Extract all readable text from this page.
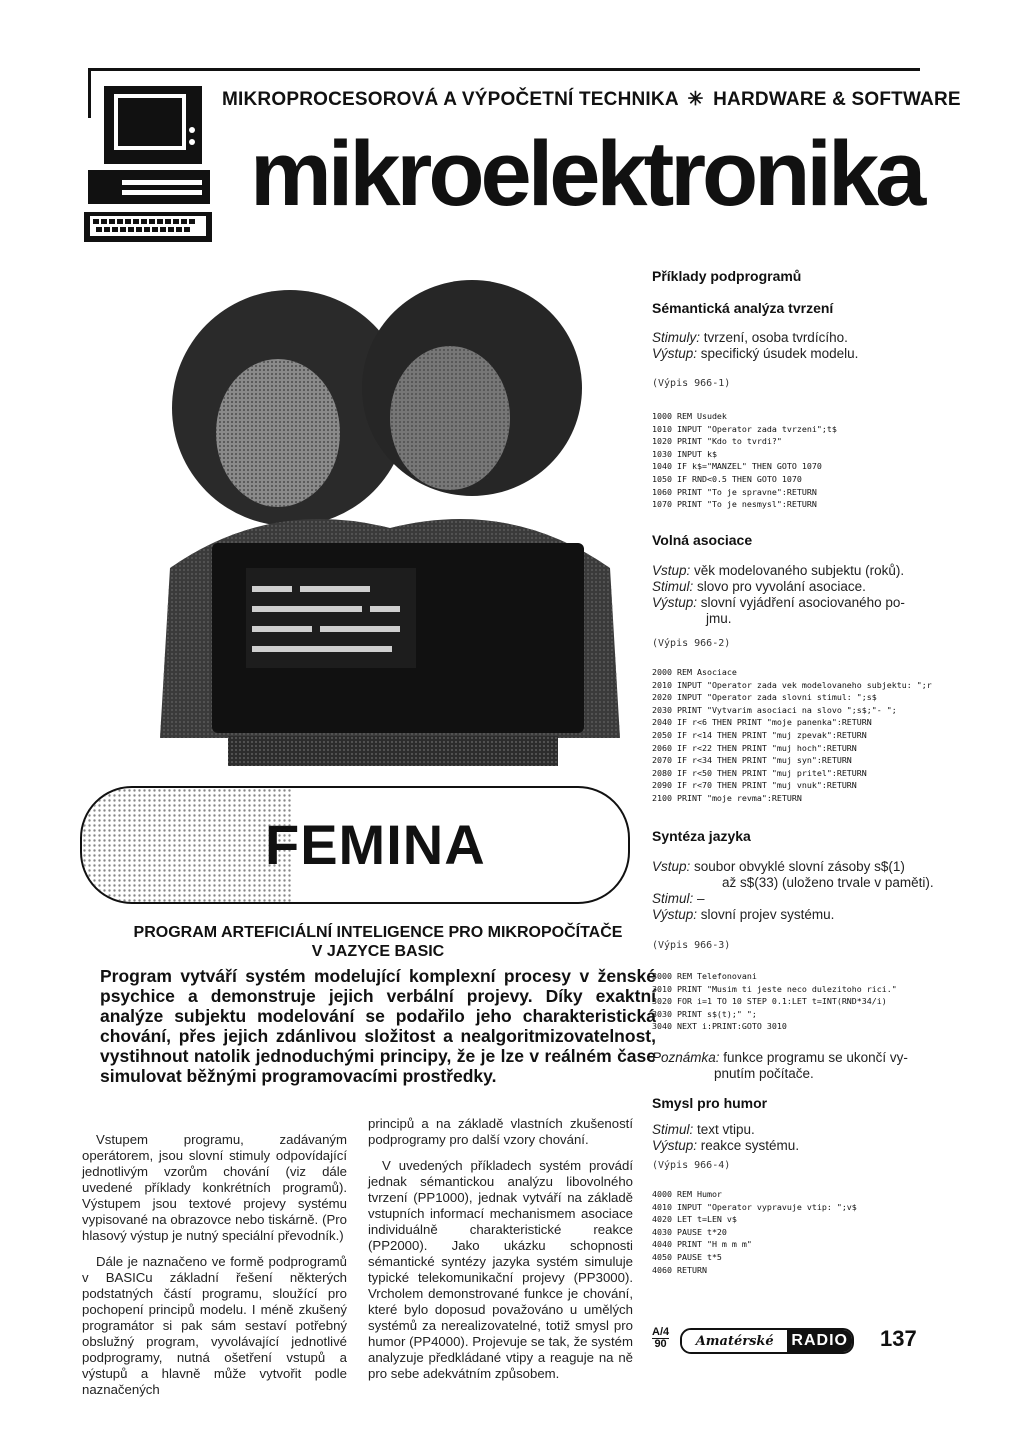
MIKROPROCESOROVÁ A VÝPOČETNÍ TECHNIKA ✳ HARDWARE & SOFTWARE
mikroelektronika
FEMINA
PROGRAM ARTEFICIÁLNÍ INTELIGENCE PRO MIKROPOČÍTAČE
V JAZYCE BASIC
Program vytváří systém modelující komplexní procesy v ženské psychice a demonstruje jejich verbální projevy. Díky exaktní analýze subjektu modelování se podařilo jeho charakteristická chování, přes jejich zdánlivou složitost a nealgoritmizovatelnost, vystihnout natolik jednoduchými principy, že je lze v reálném čase simulovat běžnými programovacími prostředky.

Vstupem programu, zadávaným operátorem, jsou slovní stimuly odpovídající jednotlivým vzorům chování (viz dále uvedené příklady konkrétních programů). Výstupem jsou textové projevy systému vypisované na obrazovce nebo tiskárně. (Pro hlasový výstup je nutný speciální převodník.)

Dále je naznačeno ve formě podprogramů v BASICu základní řešení některých podstatných částí programu, sloužící pro pochopení principů modelu. I méně zkušený programátor si pak sám sestaví potřebný obslužný program, vyvolávající jednotlivé podprogramy, nutná ošetření vstupů a výstupů a hlavně může vytvořit podle naznačených

principů a na základě vlastních zkušeností podprogramy pro další vzory chování.

V uvedených příkladech systém provádí jednak sémantickou analýzu libovolného tvrzení (PP1000), jednak vytváří na základě vstupních informací mechanismem asociace individuálně charakteristické reakce (PP2000). Jako ukázku schopnosti sémantické syntézy jazyka systém simuluje typické telekomunikační projevy (PP3000). Vrcholem demonstrované funkce je chování, které bylo doposud považováno u umělých systémů za nerealizovatelné, totiž smysl pro humor (PP4000). Projevuje se tak, že systém analyzuje předkládané vtipy a reaguje na ně pro sebe adekvátním způsobem.

Příklady podprogramů
Sémantická analýza tvrzení
Stimuly: tvrzení, osoba tvrdícího.
Výstup: specifický úsudek modelu.
(Výpis 966-1)
1000 REM Usudek
1010 INPUT "Operator zada tvrzeni";t$
1020 PRINT "Kdo to tvrdi?"
1030 INPUT k$
1040 IF k$="MANZEL" THEN GOTO 1070
1050 IF RND<0.5 THEN GOTO 1070
1060 PRINT "To je spravne":RETURN
1070 PRINT "To je nesmysl":RETURN
Volná asociace
Vstup: věk modelovaného subjektu (roků).
Stimul: slovo pro vyvolání asociace.
Výstup: slovní vyjádření asociovaného po-
jmu.
(Výpis 966-2)
2000 REM Asociace
2010 INPUT "Operator zada vek modelovaneho subjektu: ";r
2020 INPUT "Operator zada slovni stimul: ";s$
2030 PRINT "Vytvarim asociaci na slovo ";s$;"- ";
2040 IF r<6 THEN PRINT "moje panenka":RETURN
2050 IF r<14 THEN PRINT "muj zpevak":RETURN
2060 IF r<22 THEN PRINT "muj hoch":RETURN
2070 IF r<34 THEN PRINT "muj syn":RETURN
2080 IF r<50 THEN PRINT "muj pritel":RETURN
2090 IF r<70 THEN PRINT "muj vnuk":RETURN
2100 PRINT "moje revma":RETURN
Syntéza jazyka
Vstup: soubor obvyklé slovní zásoby s$(1)
až s$(33) (uloženo trvale v paměti).
Stimul: –
Výstup: slovní projev systému.
(Výpis 966-3)
3000 REM Telefonovani
3010 PRINT "Musim ti jeste neco dulezitoho rici."
3020 FOR i=1 TO 10 STEP 0.1:LET t=INT(RND*34/i)
3030 PRINT s$(t);" ";
3040 NEXT i:PRINT:GOTO 3010
Poznámka: funkce programu se ukončí vy-
pnutím počítače.
Smysl pro humor
Stimul: text vtipu.
Výstup: reakce systému.
(Výpis 966-4)
4000 REM Humor
4010 INPUT "Operator vypravuje vtip: ";v$
4020 LET t=LEN v$
4030 PAUSE t*20
4040 PRINT "H m m m"
4050 PAUSE t*5
4060 RETURN
A/4
90	Amatérské	RADIO 137
